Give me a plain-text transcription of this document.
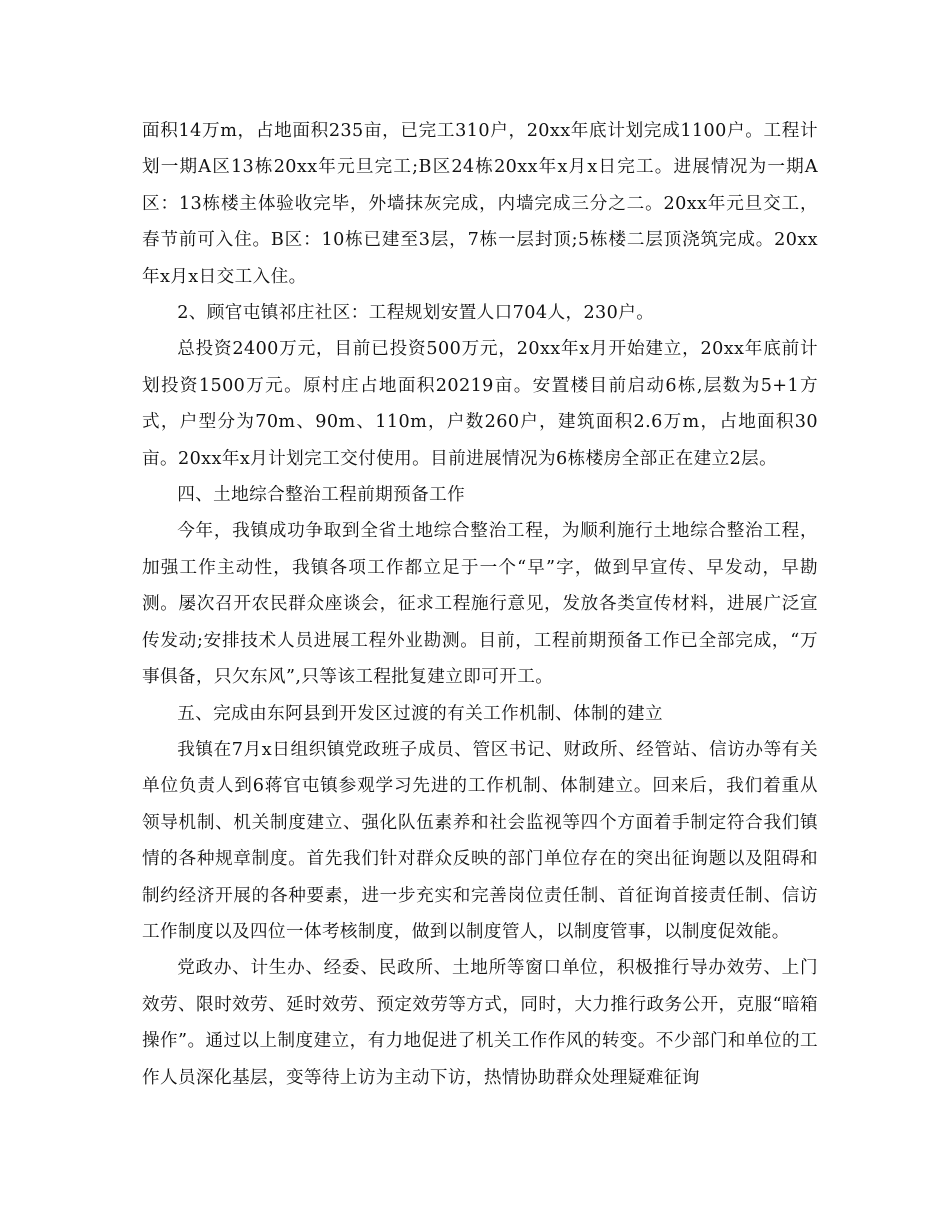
面积14万m，占地面积235亩，已完工310户，20xx年底计划完成1100户。工程计划一期A区13栋20xx年元旦完工;B区24栋20xx年x月x日完工。进展情况为一期A区：13栋楼主体验收完毕，外墙抹灰完成，内墙完成三分之二。20xx年元旦交工，春节前可入住。B区：10栋已建至3层，7栋一层封顶;5栋楼二层顶浇筑完成。20xx年x月x日交工入住。

2、顾官屯镇祁庄社区：工程规划安置人口704人，230户。

总投资2400万元，目前已投资500万元，20xx年x月开始建立，20xx年底前计划投资1500万元。原村庄占地面积20219亩。安置楼目前启动6栋,层数为5+1方式，户型分为70m、90m、110m，户数260户，建筑面积2.6万m，占地面积30亩。20xx年x月计划完工交付使用。目前进展情况为6栋楼房全部正在建立2层。

四、土地综合整治工程前期预备工作

今年，我镇成功争取到全省土地综合整治工程，为顺利施行土地综合整治工程，加强工作主动性，我镇各项工作都立足于一个“早”字，做到早宣传、早发动，早勘测。屡次召开农民群众座谈会，征求工程施行意见，发放各类宣传材料，进展广泛宣传发动;安排技术人员进展工程外业勘测。目前，工程前期预备工作已全部完成，“万事俱备，只欠东风”,只等该工程批复建立即可开工。

五、完成由东阿县到开发区过渡的有关工作机制、体制的建立

我镇在7月x日组织镇党政班子成员、管区书记、财政所、经管站、信访办等有关单位负责人到6蒋官屯镇参观学习先进的工作机制、体制建立。回来后，我们着重从领导机制、机关制度建立、强化队伍素养和社会监视等四个方面着手制定符合我们镇情的各种规章制度。首先我们针对群众反映的部门单位存在的突出征询题以及阻碍和制约经济开展的各种要素，进一步充实和完善岗位责任制、首征询首接责任制、信访工作制度以及四位一体考核制度，做到以制度管人，以制度管事，以制度促效能。

党政办、计生办、经委、民政所、土地所等窗口单位，积极推行导办效劳、上门效劳、限时效劳、延时效劳、预定效劳等方式，同时，大力推行政务公开，克服“暗箱操作”。通过以上制度建立，有力地促进了机关工作作风的转变。不少部门和单位的工作人员深化基层，变等待上访为主动下访，热情协助群众处理疑难征询
